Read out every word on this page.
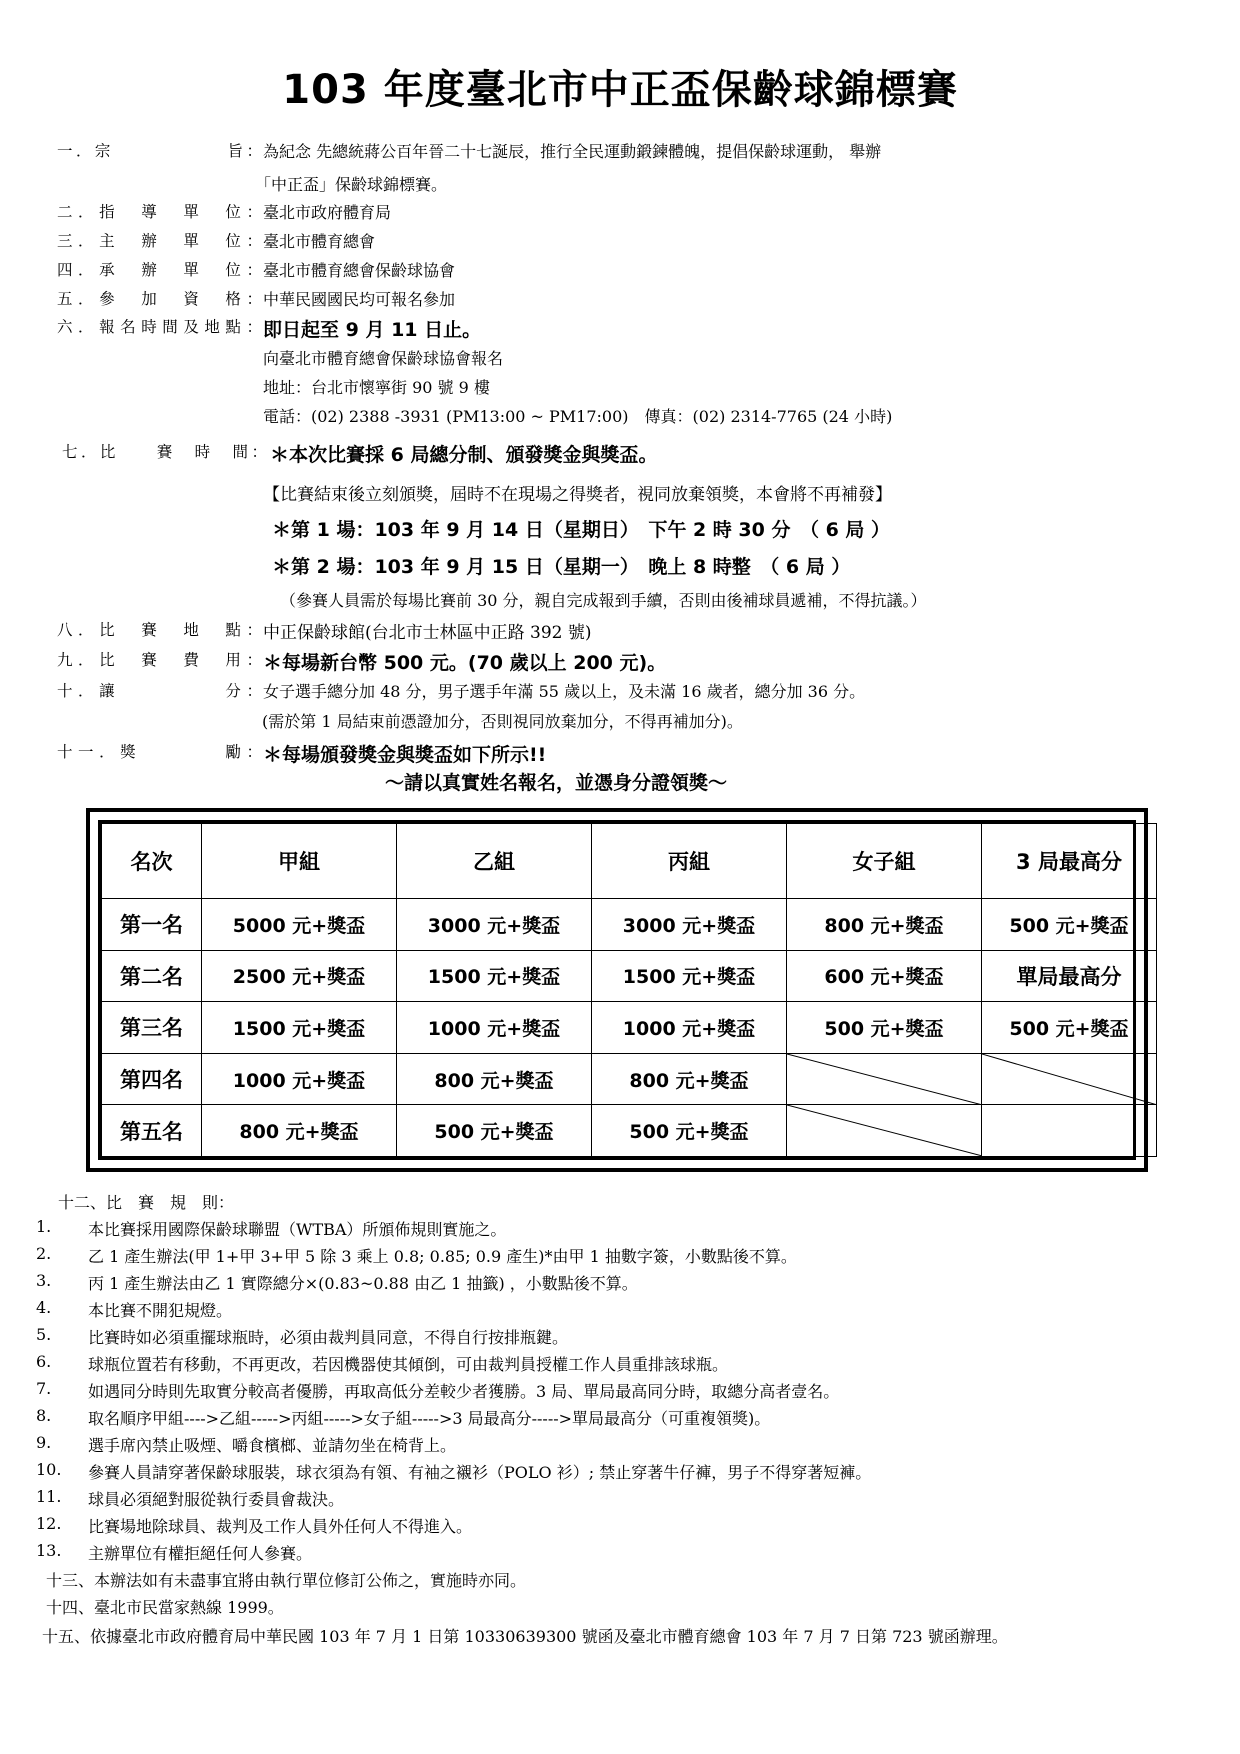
103 年度臺北市中正盃保齡球錦標賽
一．宗　　　　　　旨： 為紀念 先總統蔣公百年晉二十七誕辰，推行全民運動鍛鍊體魄，提倡保齡球運動， 舉辦
「中正盃」保齡球錦標賽。
二．指　導　單　位： 臺北市政府體育局
三．主　辦　單　位： 臺北市體育總會
四．承　辦　單　位： 臺北市體育總會保齡球協會
五．參　加　資　格： 中華民國國民均可報名參加
六．報名時間及地點： 即日起至 9 月 11 日止。
向臺北市體育總會保齡球協會報名
地址：台北市懷寧街 90 號 9 樓
電話：(02) 2388 -3931 (PM13:00 ~ PM17:00)　傳真：(02) 2314-7765 (24 小時)
七．比　　賽　時　間： ＊本次比賽採 6 局總分制、頒發獎金與獎盃。
【比賽結束後立刻頒獎，屆時不在現場之得獎者，視同放棄領獎，本會將不再補發】
＊第 1 場：103 年 9 月 14 日（星期日）　下午 2 時 30 分　（ 6 局 ）
＊第 2 場：103 年 9 月 15 日（星期一）　晚上 8 時整　（ 6 局 ）
（參賽人員需於每場比賽前 30 分，親自完成報到手續，否則由後補球員遞補，不得抗議。）
八．比　賽　地　點： 中正保齡球館(台北市士林區中正路 392 號)
九．比　賽　費　用： ＊每場新台幣 500 元。(70 歲以上 200 元)。
十．讓　　　　　分： 女子選手總分加 48 分，男子選手年滿 55 歲以上，及未滿 16 歲者，總分加 36 分。
(需於第 1 局結束前憑證加分，否則視同放棄加分，不得再補加分)。
十一．獎　　　　勵： ＊每場頒發獎金與獎盃如下所示!!
～請以真實姓名報名，並憑身分證領獎～
名次	甲組	乙組	丙組	女子組	3 局最高分
第一名	5000 元+獎盃	3000 元+獎盃	3000 元+獎盃	800 元+獎盃	500 元+獎盃
第二名	2500 元+獎盃	1500 元+獎盃	1500 元+獎盃	600 元+獎盃	單局最高分
第三名	1500 元+獎盃	1000 元+獎盃	1000 元+獎盃	500 元+獎盃	500 元+獎盃
第四名	1000 元+獎盃	800 元+獎盃	800 元+獎盃	

第五名	800 元+獎盃	500 元+獎盃	500 元+獎盃	

十二、比　賽　規　則：
1. 本比賽採用國際保齡球聯盟（WTBA）所頒佈規則實施之。
2. 乙 1 產生辦法(甲 1+甲 3+甲 5 除 3 乘上 0.8; 0.85; 0.9 產生)*由甲 1 抽數字簽，小數點後不算。
3. 丙 1 產生辦法由乙 1 實際總分×(0.83~0.88 由乙 1 抽籤) ，小數點後不算。
4. 本比賽不開犯規燈。
5. 比賽時如必須重擺球瓶時，必須由裁判員同意，不得自行按排瓶鍵。
6. 球瓶位置若有移動，不再更改，若因機器使其傾倒，可由裁判員授權工作人員重排該球瓶。
7. 如遇同分時則先取實分較高者優勝，再取高低分差較少者獲勝。3 局、單局最高同分時，取總分高者壹名。
8. 取名順序甲組---->乙組----->丙組----->女子組----->3 局最高分----->單局最高分（可重複領獎)。
9. 選手席內禁止吸煙、嚼食檳榔、並請勿坐在椅背上。
10. 參賽人員請穿著保齡球服裝，球衣須為有領、有袖之襯衫（POLO 衫）; 禁止穿著牛仔褲，男子不得穿著短褲。
11. 球員必須絕對服從執行委員會裁決。
12. 比賽場地除球員、裁判及工作人員外任何人不得進入。
13. 主辦單位有權拒絕任何人參賽。
十三、本辦法如有未盡事宜將由執行單位修訂公佈之，實施時亦同。
十四、臺北市民當家熱線 1999。
十五、依據臺北市政府體育局中華民國 103 年 7 月 1 日第 10330639300 號函及臺北市體育總會 103 年 7 月 7 日第 723 號函辦理。
